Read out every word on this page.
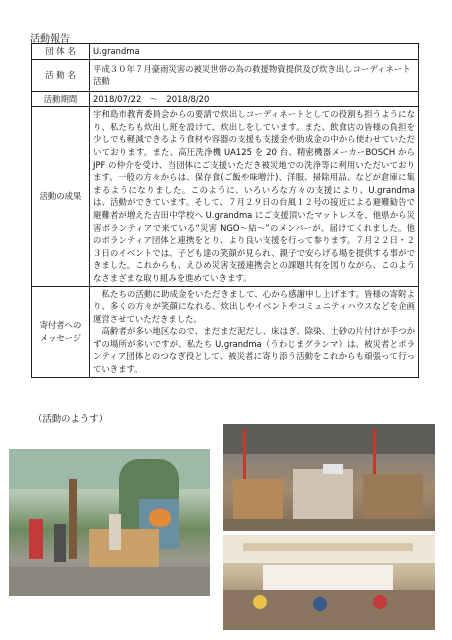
活動報告
団 体 名	U.grandma
活 動 名	平成３０年７月豪雨災害の被災世帯の為の救援物資提供及び炊き出しコーディネート活動
活動期間	2018/07/22　～　2018/8/20
活動の成果	宇和島市教育委員会からの要請で炊出しコーディネートとしての役割も担うようになり、私たちも炊出し班を設けて、炊出しをしています。また、飲食店の皆様の負担を少しでも軽減できるよう食材や容器の支援も支援金や助成金の中から使わせていただいております。また、高圧洗浄機 UA125 を 20 台、精密機器メーカーBOSCH から JPF の仲介を受け、当団体にご支援いただき被災地での洗浄等に利用いただいております。一般の方々からは、保存食(ご飯や味噌汁)、洋服、掃除用品、などが倉庫に集まるようになりました。このように、いろいろな方々の支援により、U.grandma は、活動ができています。そして、７月２９日の台風１２号の接近による避難勧告で避難者が増えた吉田中学校へ U.grandma にご支援頂いたマットレスを、他県から災害ボランティアで来ている“災害 NGO〜結〜”のメンバーが、届けてくれました。他のボランティア団体と連携をとり、より良い支援を行って参ります。７月２２日・２３日のイベントでは、子ども達の笑顔が見られ、親子で安らげる場を提供する事ができました。これからも、えひめ災害支援連携会との課題共有を図りながら、このようなさまざまな取り組みを進めていきます。
寄付者への
メッセージ	　私たちの活動に助成金をいただきまして、心から感謝申し上げます。皆様の寄附より、多くの方々が笑顔になれる、炊出しやイベントやコミュニティハウスなどを企画運営させていただきました。
　高齢者が多い地区なので、まだまだ泥だし、床はぎ、除染、土砂の片付けが手つかずの場所が多いですが、私たち U.grandma（うわじまグランマ）は、被災者とボランティア団体とのつなぎ役として、被災者に寄り添う活動をこれからも頑張って行っていきます。
（活動のようす）
